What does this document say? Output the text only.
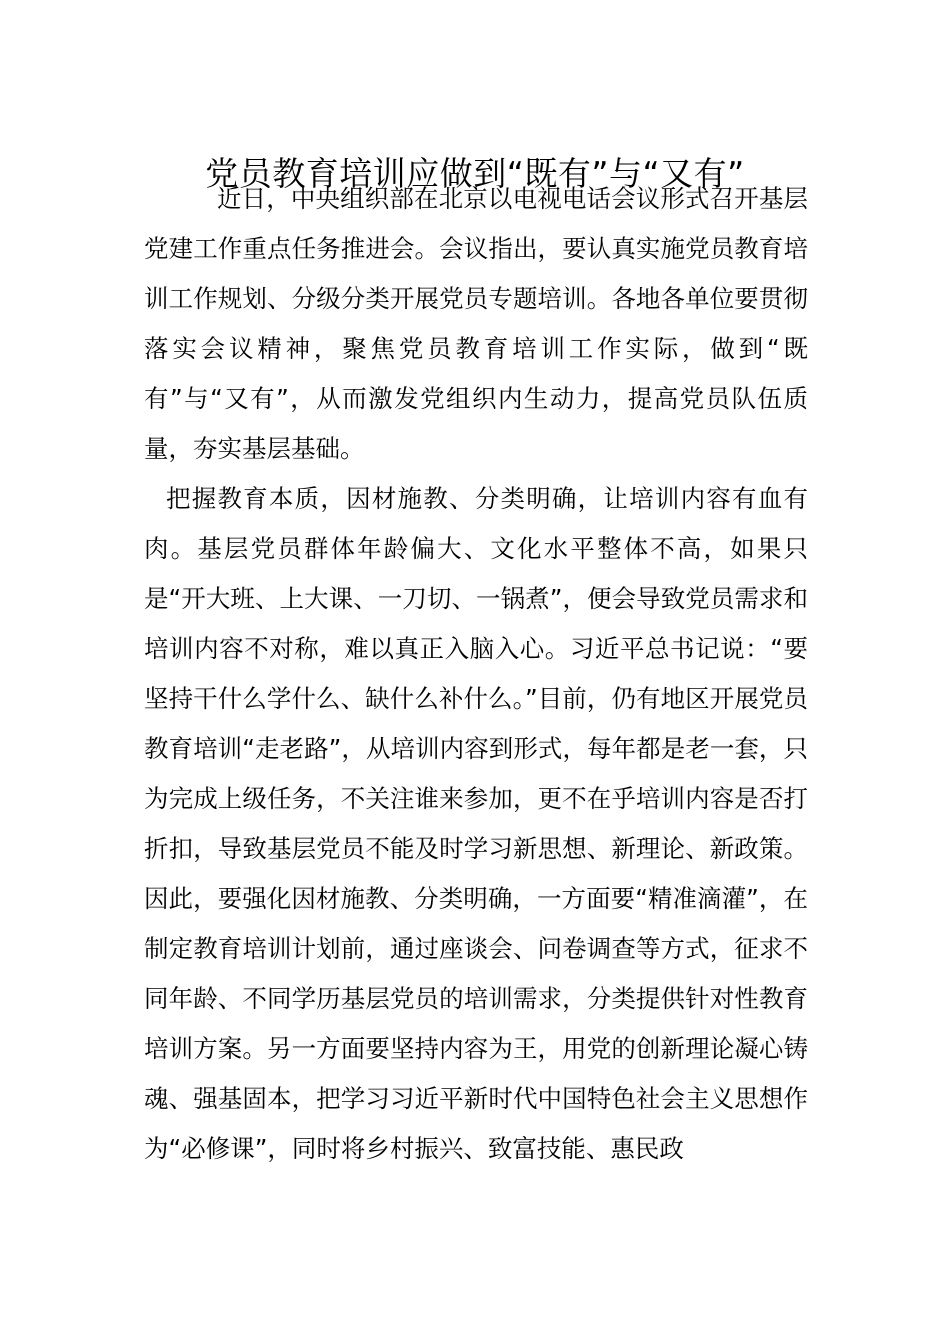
党员教育培训应做到“既有”与“又有”

近日，中央组织部在北京以电视电话会议形式召开基层党建工作重点任务推进会。会议指出，要认真实施党员教育培训工作规划、分级分类开展党员专题培训。各地各单位要贯彻落实会议精神，聚焦党员教育培训工作实际，做到“既有”与“又有”，从而激发党组织内生动力，提高党员队伍质量，夯实基层基础。

把握教育本质，因材施教、分类明确，让培训内容有血有肉。基层党员群体年龄偏大、文化水平整体不高，如果只是“开大班、上大课、一刀切、一锅煮”，便会导致党员需求和培训内容不对称，难以真正入脑入心。习近平总书记说：“要坚持干什么学什么、缺什么补什么。”目前，仍有地区开展党员教育培训“走老路”，从培训内容到形式，每年都是老一套，只为完成上级任务，不关注谁来参加，更不在乎培训内容是否打折扣，导致基层党员不能及时学习新思想、新理论、新政策。因此，要强化因材施教、分类明确，一方面要“精准滴灌”，在制定教育培训计划前，通过座谈会、问卷调查等方式，征求不同年龄、不同学历基层党员的培训需求，分类提供针对性教育培训方案。另一方面要坚持内容为王，用党的创新理论凝心铸魂、强基固本，把学习习近平新时代中国特色社会主义思想作为“必修课”，同时将乡村振兴、致富技能、惠民政
